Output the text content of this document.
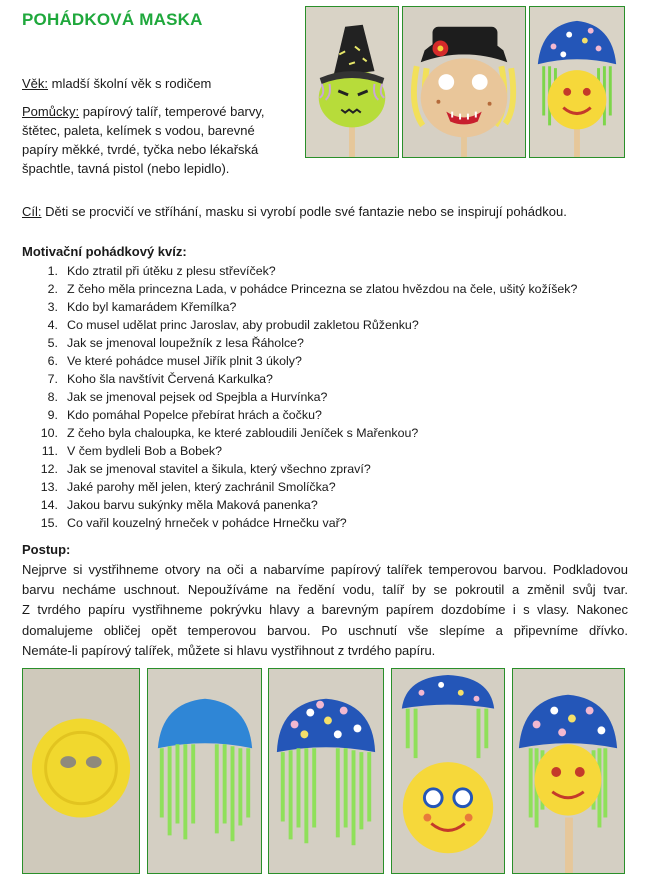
POHÁDKOVÁ MASKA
Věk: mladší školní věk s rodičem
Pomůcky: papírový talíř, temperové barvy,
štětec, paleta, kelímek s vodou, barevné
papíry měkké, tvrdé, tyčka nebo lékařská
špachtle, tavná pistol (nebo lepidlo).
Cíl: Děti se procvičí ve stříhání, masku si vyrobí podle své fantazie nebo se inspirují pohádkou.
Motivační pohádkový kvíz:
1. Kdo ztratil při útěku z plesu střevíček?
2. Z čeho měla princezna Lada, v pohádce Princezna se zlatou hvězdou na čele, ušitý kožíšek?
3. Kdo byl kamarádem Křemílka?
4. Co musel udělat princ Jaroslav, aby probudil zakletou Růženku?
5. Jak se jmenoval loupežník z lesa Řáholce?
6. Ve které pohádce musel Jiřík plnit 3 úkoly?
7. Koho šla navštívit Červená Karkulka?
8. Jak se jmenoval pejsek od Spejbla a Hurvínka?
9. Kdo pomáhal Popelce přebírat hrách a čočku?
10. Z čeho byla chaloupka, ke které zabloudili Jeníček s Mařenkou?
11. V čem bydleli Bob a Bobek?
12. Jak se jmenoval stavitel a šikula, který všechno zpraví?
13. Jaké parohy měl jelen, který zachránil Smolíčka?
14. Jakou barvu sukýnky měla Maková panenka?
15. Co vařil kouzelný hrneček v pohádce Hrnečku vař?
Postup:
Nejprve si vystřihneme otvory na oči a nabarvíme papírový talířek temperovou barvou. Podkladovou
barvu necháme uschnout. Nepoužíváme na ředění vodu, talíř by se pokroutil a změnil svůj tvar.
Z tvrdého papíru vystřihneme pokrývku hlavy a barevným papírem dozdobíme i s vlasy. Nakonec
domalujeme obličej opět temperovou barvou. Po uschnutí vše slepíme a připevníme dřívko.
Nemáte-li papírový talířek, můžete si hlavu vystřihnout z tvrdého papíru.
